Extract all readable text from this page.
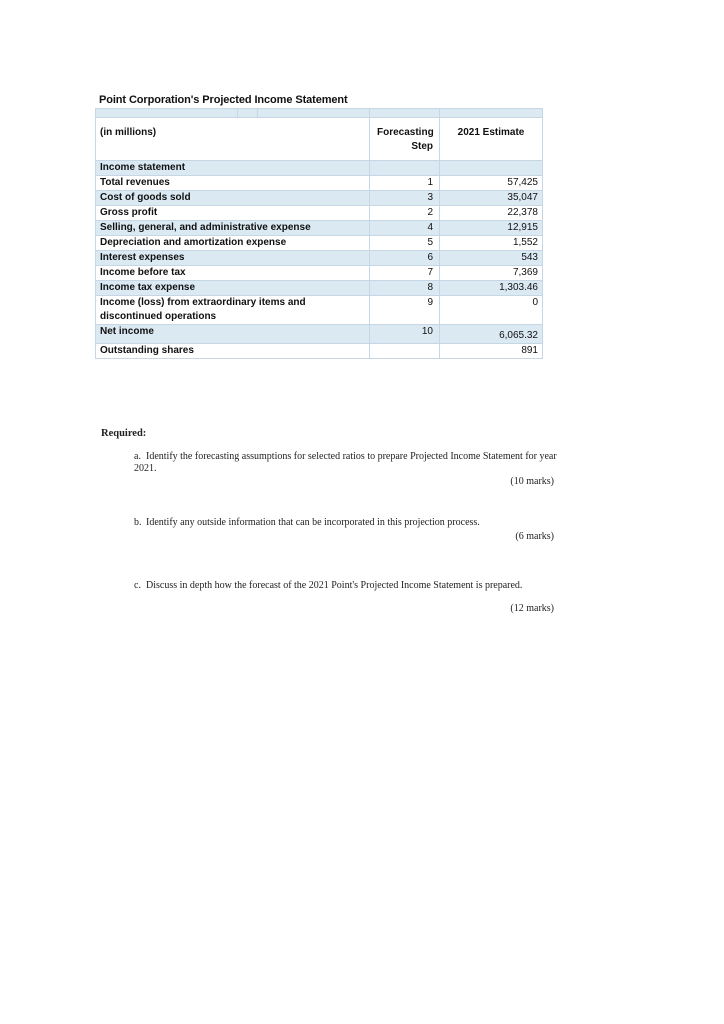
Point Corporation's Projected Income Statement

(in millions)			Forecasting Step	2021 Estimate
Income statement				
Total revenues			1	57,425
Cost of goods sold			3	35,047
Gross profit			2	22,378
Selling, general, and administrative expense			4	12,915
Depreciation and amortization expense			5	1,552
Interest expenses			6	543
Income before tax			7	7,369
Income tax expense			8	1,303.46
Income (loss) from extraordinary items and discontinued operations			9	0
Net income			10	6,065.32
Outstanding shares				891
Required:
a. Identify the forecasting assumptions for selected ratios to prepare Projected Income Statement for year 2021.
(10 marks)
b. Identify any outside information that can be incorporated in this projection process.
(6 marks)
c. Discuss in depth how the forecast of the 2021 Point's Projected Income Statement is prepared.
(12 marks)
